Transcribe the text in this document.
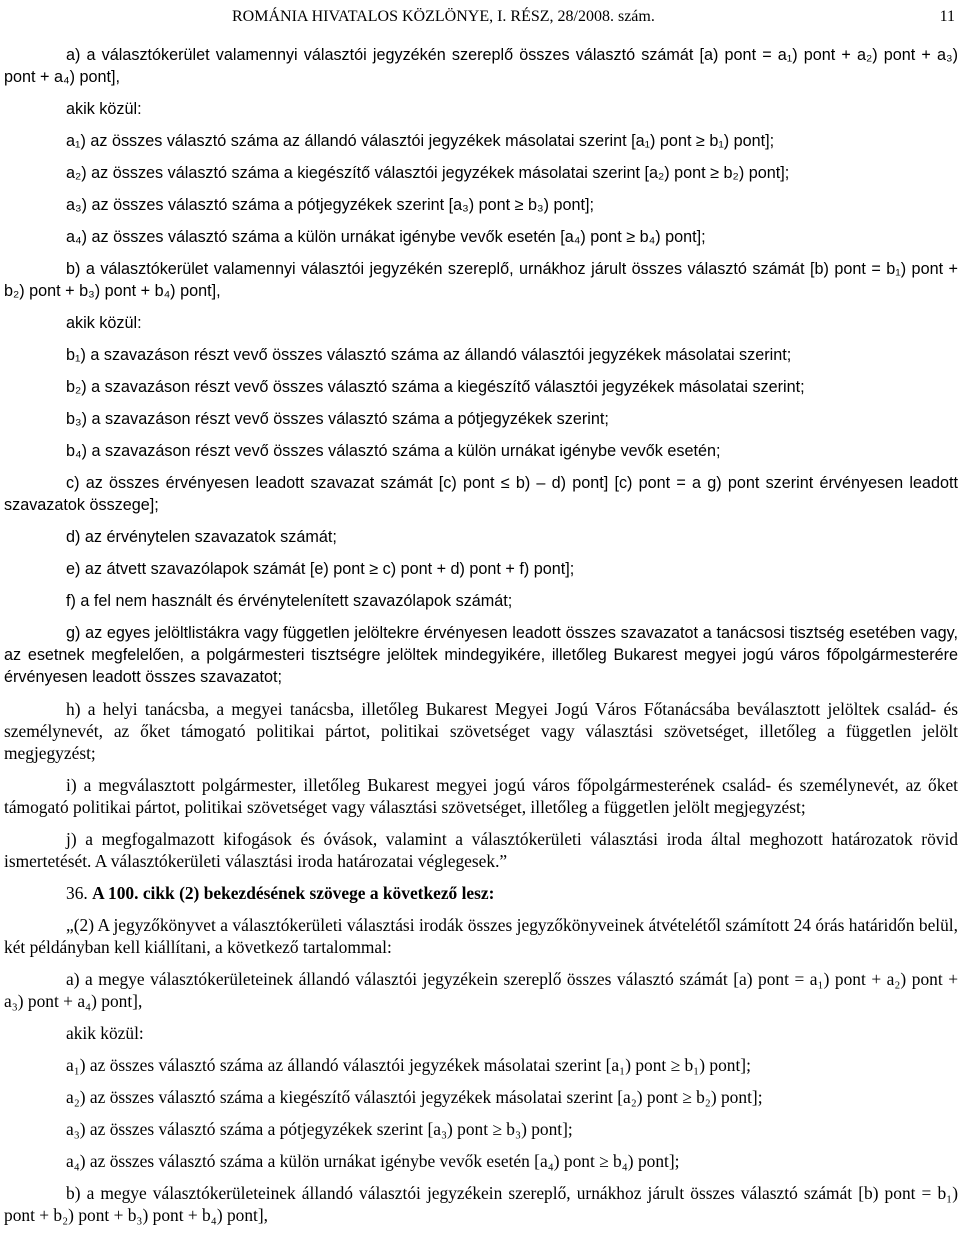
ROMÁNIA HIVATALOS KÖZLÖNYE, I. RÉSZ, 28/2008. szám.	11

a) a választókerület valamennyi választói jegyzékén szereplő összes választó számát [a) pont = a₁) pont + a₂) pont + a₃) pont + a₄) pont],

akik közül:

a₁) az összes választó száma az állandó választói jegyzékek másolatai szerint [a₁) pont ≥ b₁) pont];

a₂) az összes választó száma a kiegészítő választói jegyzékek másolatai szerint [a₂) pont ≥ b₂) pont];

a₃) az összes választó száma a pótjegyzékek szerint [a₃) pont ≥ b₃) pont];

a₄) az összes választó száma a külön urnákat igénybe vevők esetén [a₄) pont ≥ b₄) pont];

b) a választókerület valamennyi választói jegyzékén szereplő, urnákhoz járult összes választó számát [b) pont = b₁) pont + b₂) pont + b₃) pont + b₄) pont],

akik közül:

b₁) a szavazáson részt vevő összes választó száma az állandó választói jegyzékek másolatai szerint;

b₂) a szavazáson részt vevő összes választó száma a kiegészítő választói jegyzékek másolatai szerint;

b₃) a szavazáson részt vevő összes választó száma a pótjegyzékek szerint;

b₄) a szavazáson részt vevő összes választó száma a külön urnákat igénybe vevők esetén;

c) az összes érvényesen leadott szavazat számát [c) pont ≤ b) – d) pont] [c) pont = a g) pont szerint érvényesen leadott szavazatok összege];

d) az érvénytelen szavazatok számát;

e) az átvett szavazólapok számát [e) pont ≥ c) pont + d) pont + f) pont];

f) a fel nem használt és érvénytelenített szavazólapok számát;

g) az egyes jelöltlistákra vagy független jelöltekre érvényesen leadott összes szavazatot a tanácsosi tisztség esetében vagy, az esetnek megfelelően, a polgármesteri tisztségre jelöltek mindegyikére, illetőleg Bukarest megyei jogú város főpolgármesterére érvényesen leadott összes szavazatot;

h) a helyi tanácsba, a megyei tanácsba, illetőleg Bukarest Megyei Jogú Város Főtanácsába beválasztott jelöltek család- és személynevét, az őket támogató politikai pártot, politikai szövetséget vagy választási szövetséget, illetőleg a független jelölt megjegyzést;

i) a megválasztott polgármester, illetőleg Bukarest megyei jogú város főpolgármesterének család- és személynevét, az őket támogató politikai pártot, politikai szövetséget vagy választási szövetséget, illetőleg a független jelölt megjegyzést;

j) a megfogalmazott kifogások és óvások, valamint a választókerületi választási iroda által meghozott határozatok rövid ismertetését. A választókerületi választási iroda határozatai véglegesek.”

36. A 100. cikk (2) bekezdésének szövege a következő lesz:

„(2) A jegyzőkönyvet a választókerületi választási irodák összes jegyzőkönyveinek átvételétől számított 24 órás határidőn belül, két példányban kell kiállítani, a következő tartalommal:

a) a megye választókerületeinek állandó választói jegyzékein szereplő összes választó számát [a) pont = a₁) pont + a₂) pont + a₃) pont + a₄) pont],

akik közül:

a₁) az összes választó száma az állandó választói jegyzékek másolatai szerint [a₁) pont ≥ b₁) pont];

a₂) az összes választó száma a kiegészítő választói jegyzékek másolatai szerint [a₂) pont ≥ b₂) pont];

a₃) az összes választó száma a pótjegyzékek szerint [a₃) pont ≥ b₃) pont];

a₄) az összes választó száma a külön urnákat igénybe vevők esetén [a₄) pont ≥ b₄) pont];

b) a megye választókerületeinek állandó választói jegyzékein szereplő, urnákhoz járult összes választó számát [b) pont = b₁) pont + b₂) pont + b₃) pont + b₄) pont],
